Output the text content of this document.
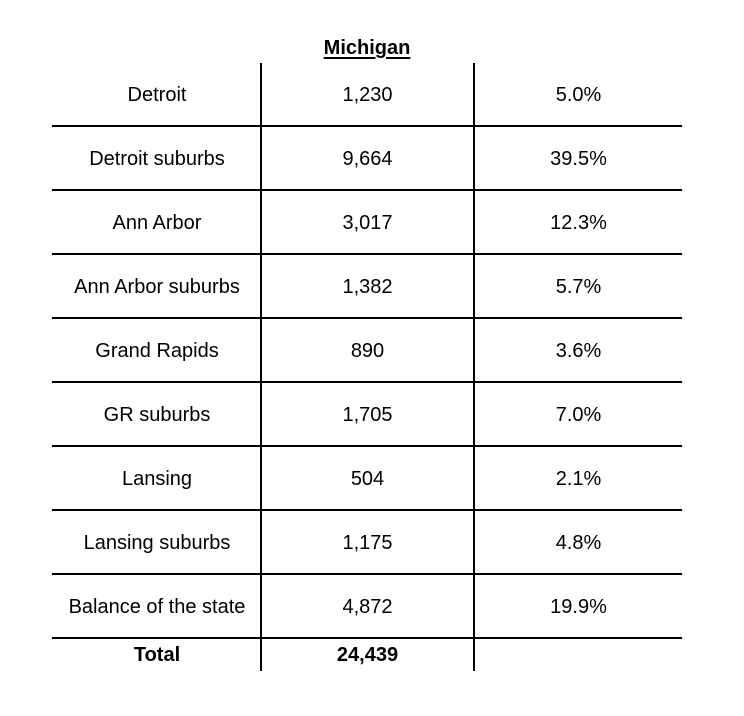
Michigan
Detroit	1,230	5.0%
Detroit suburbs	9,664	39.5%
Ann Arbor	3,017	12.3%
Ann Arbor suburbs	1,382	5.7%
Grand Rapids	890	3.6%
GR suburbs	1,705	7.0%
Lansing	504	2.1%
Lansing suburbs	1,175	4.8%
Balance of the state	4,872	19.9%
Total	24,439
